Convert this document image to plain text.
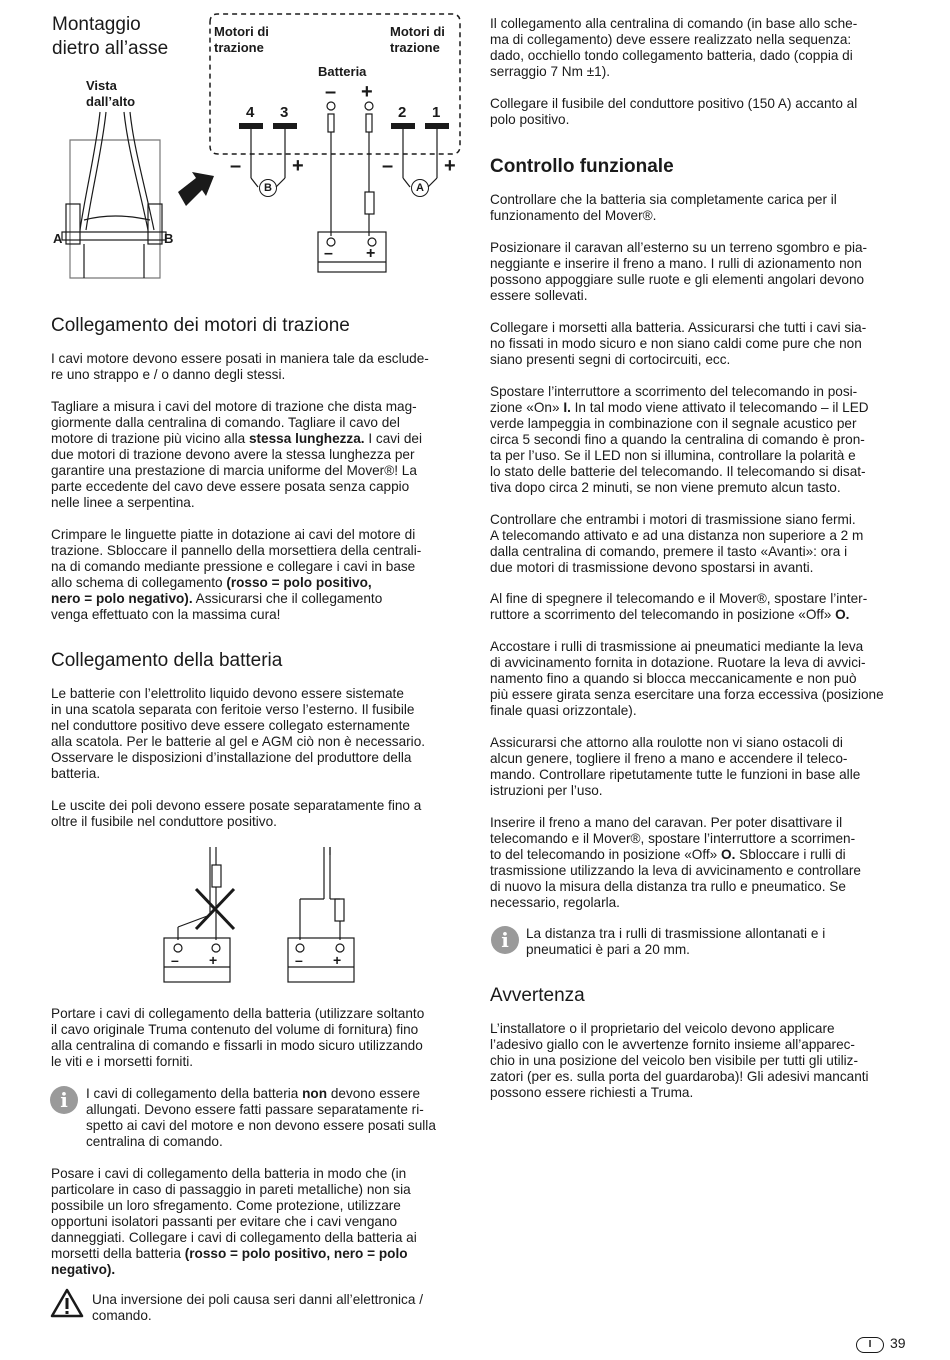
Montaggio
dietro all’asse
Vista
dall’alto
Motori di
trazione
Motori di
trazione
Batteria
– +
4 3	2 1
–	+	–	+
B	A
– +
A	B
Collegamento dei motori di trazione

I cavi motore devono essere posati in maniera tale da esclude-
re uno strappo e / o danno degli stessi.

Tagliare a misura i cavi del motore di trazione che dista mag-
giormente dalla centralina di comando. Tagliare il cavo del
motore di trazione più vicino alla stessa lunghezza. I cavi dei
due motori di trazione devono avere la stessa lunghezza per
garantire una prestazione di marcia uniforme del Mover®! La
parte eccedente del cavo deve essere posata senza cappio
nelle linee a serpentina.

Crimpare le linguette piatte in dotazione ai cavi del motore di
trazione. Sbloccare il pannello della morsettiera della centrali-
na di comando mediante pressione e collegare i cavi in base
allo schema di collegamento (rosso = polo positivo,
nero = polo negativo). Assicurarsi che il collegamento
venga effettuato con la massima cura!

Collegamento della batteria

Le batterie con l’elettrolito liquido devono essere sistemate
in una scatola separata con feritoie verso l’esterno. Il fusibile
nel conduttore positivo deve essere collegato esternamente
alla scatola. Per le batterie al gel e AGM ciò non è necessario.
Osservare le disposizioni d’installazione del produttore della
batteria.

Le uscite dei poli devono essere posate separatamente fino a
oltre il fusibile nel conduttore positivo.

– +	– +

Portare i cavi di collegamento della batteria (utilizzare soltanto
il cavo originale Truma contenuto del volume di fornitura) fino
alla centralina di comando e fissarli in modo sicuro utilizzando
le viti e i morsetti forniti.

i	I cavi di collegamento della batteria non devono essere
allungati. Devono essere fatti passare separatamente ri-
spetto ai cavi del motore e non devono essere posati sulla
centralina di comando.

Posare i cavi di collegamento della batteria in modo che (in
particolare in caso di passaggio in pareti metalliche) non sia
possibile un loro sfregamento. Come protezione, utilizzare
opportuni isolatori passanti per evitare che i cavi vengano
danneggiati. Collegare i cavi di collegamento della batteria ai
morsetti della batteria (rosso = polo positivo, nero = polo
negativo).

Una inversione dei poli causa seri danni all’elettronica /
comando.

Il collegamento alla centralina di comando (in base allo sche-
ma di collegamento) deve essere realizzato nella sequenza:
dado, occhiello tondo collegamento batteria, dado (coppia di
serraggio 7 Nm ±1).

Collegare il fusibile del conduttore positivo (150 A) accanto al
polo positivo.

Controllo funzionale

Controllare che la batteria sia completamente carica per il
funzionamento del Mover®.

Posizionare il caravan all’esterno su un terreno sgombro e pia-
neggiante e inserire il freno a mano. I rulli di azionamento non
possono appoggiare sulle ruote e gli elementi angolari devono
essere sollevati.

Collegare i morsetti alla batteria. Assicurarsi che tutti i cavi sia-
no fissati in modo sicuro e non siano caldi come pure che non
siano presenti segni di cortocircuiti, ecc.

Spostare l’interruttore a scorrimento del telecomando in posi-
zione «On» I. In tal modo viene attivato il telecomando – il LED
verde lampeggia in combinazione con il segnale acustico per
circa 5 secondi fino a quando la centralina di comando è pron-
ta per l’uso. Se il LED non si illumina, controllare la polarità e
lo stato delle batterie del telecomando. Il telecomando si disat-
tiva dopo circa 2 minuti, se non viene premuto alcun tasto.

Controllare che entrambi i motori di trasmissione siano fermi.
A telecomando attivato e ad una distanza non superiore a 2 m
dalla centralina di comando, premere il tasto «Avanti»: ora i
due motori di trasmissione devono spostarsi in avanti.

Al fine di spegnere il telecomando e il Mover®, spostare l’inter-
ruttore a scorrimento del telecomando in posizione «Off» O.

Accostare i rulli di trasmissione ai pneumatici mediante la leva
di avvicinamento fornita in dotazione. Ruotare la leva di avvici-
namento fino a quando si blocca meccanicamente e non può
più essere girata senza esercitare una forza eccessiva (posizione
finale quasi orizzontale).

Assicurarsi che attorno alla roulotte non vi siano ostacoli di
alcun genere, togliere il freno a mano e accendere il teleco-
mando. Controllare ripetutamente tutte le funzioni in base alle
istruzioni per l’uso.

Inserire il freno a mano del caravan. Per poter disattivare il
telecomando e il Mover®, spostare l’interruttore a scorrimen-
to del telecomando in posizione «Off» O. Sbloccare i rulli di
trasmissione utilizzando la leva di avvicinamento e controllare
di nuovo la misura della distanza tra rullo e pneumatico. Se
necessario, regolarla.

i	La distanza tra i rulli di trasmissione allontanati e i
pneumatici è pari a 20 mm.

Avvertenza

L’installatore o il proprietario del veicolo devono applicare
l’adesivo giallo con le avvertenze fornito insieme all’apparec-
chio in una posizione del veicolo ben visibile per tutti gli utiliz-
zatori (per es. sulla porta del guardaroba)! Gli adesivi mancanti
possono essere richiesti a Truma.

I	39
